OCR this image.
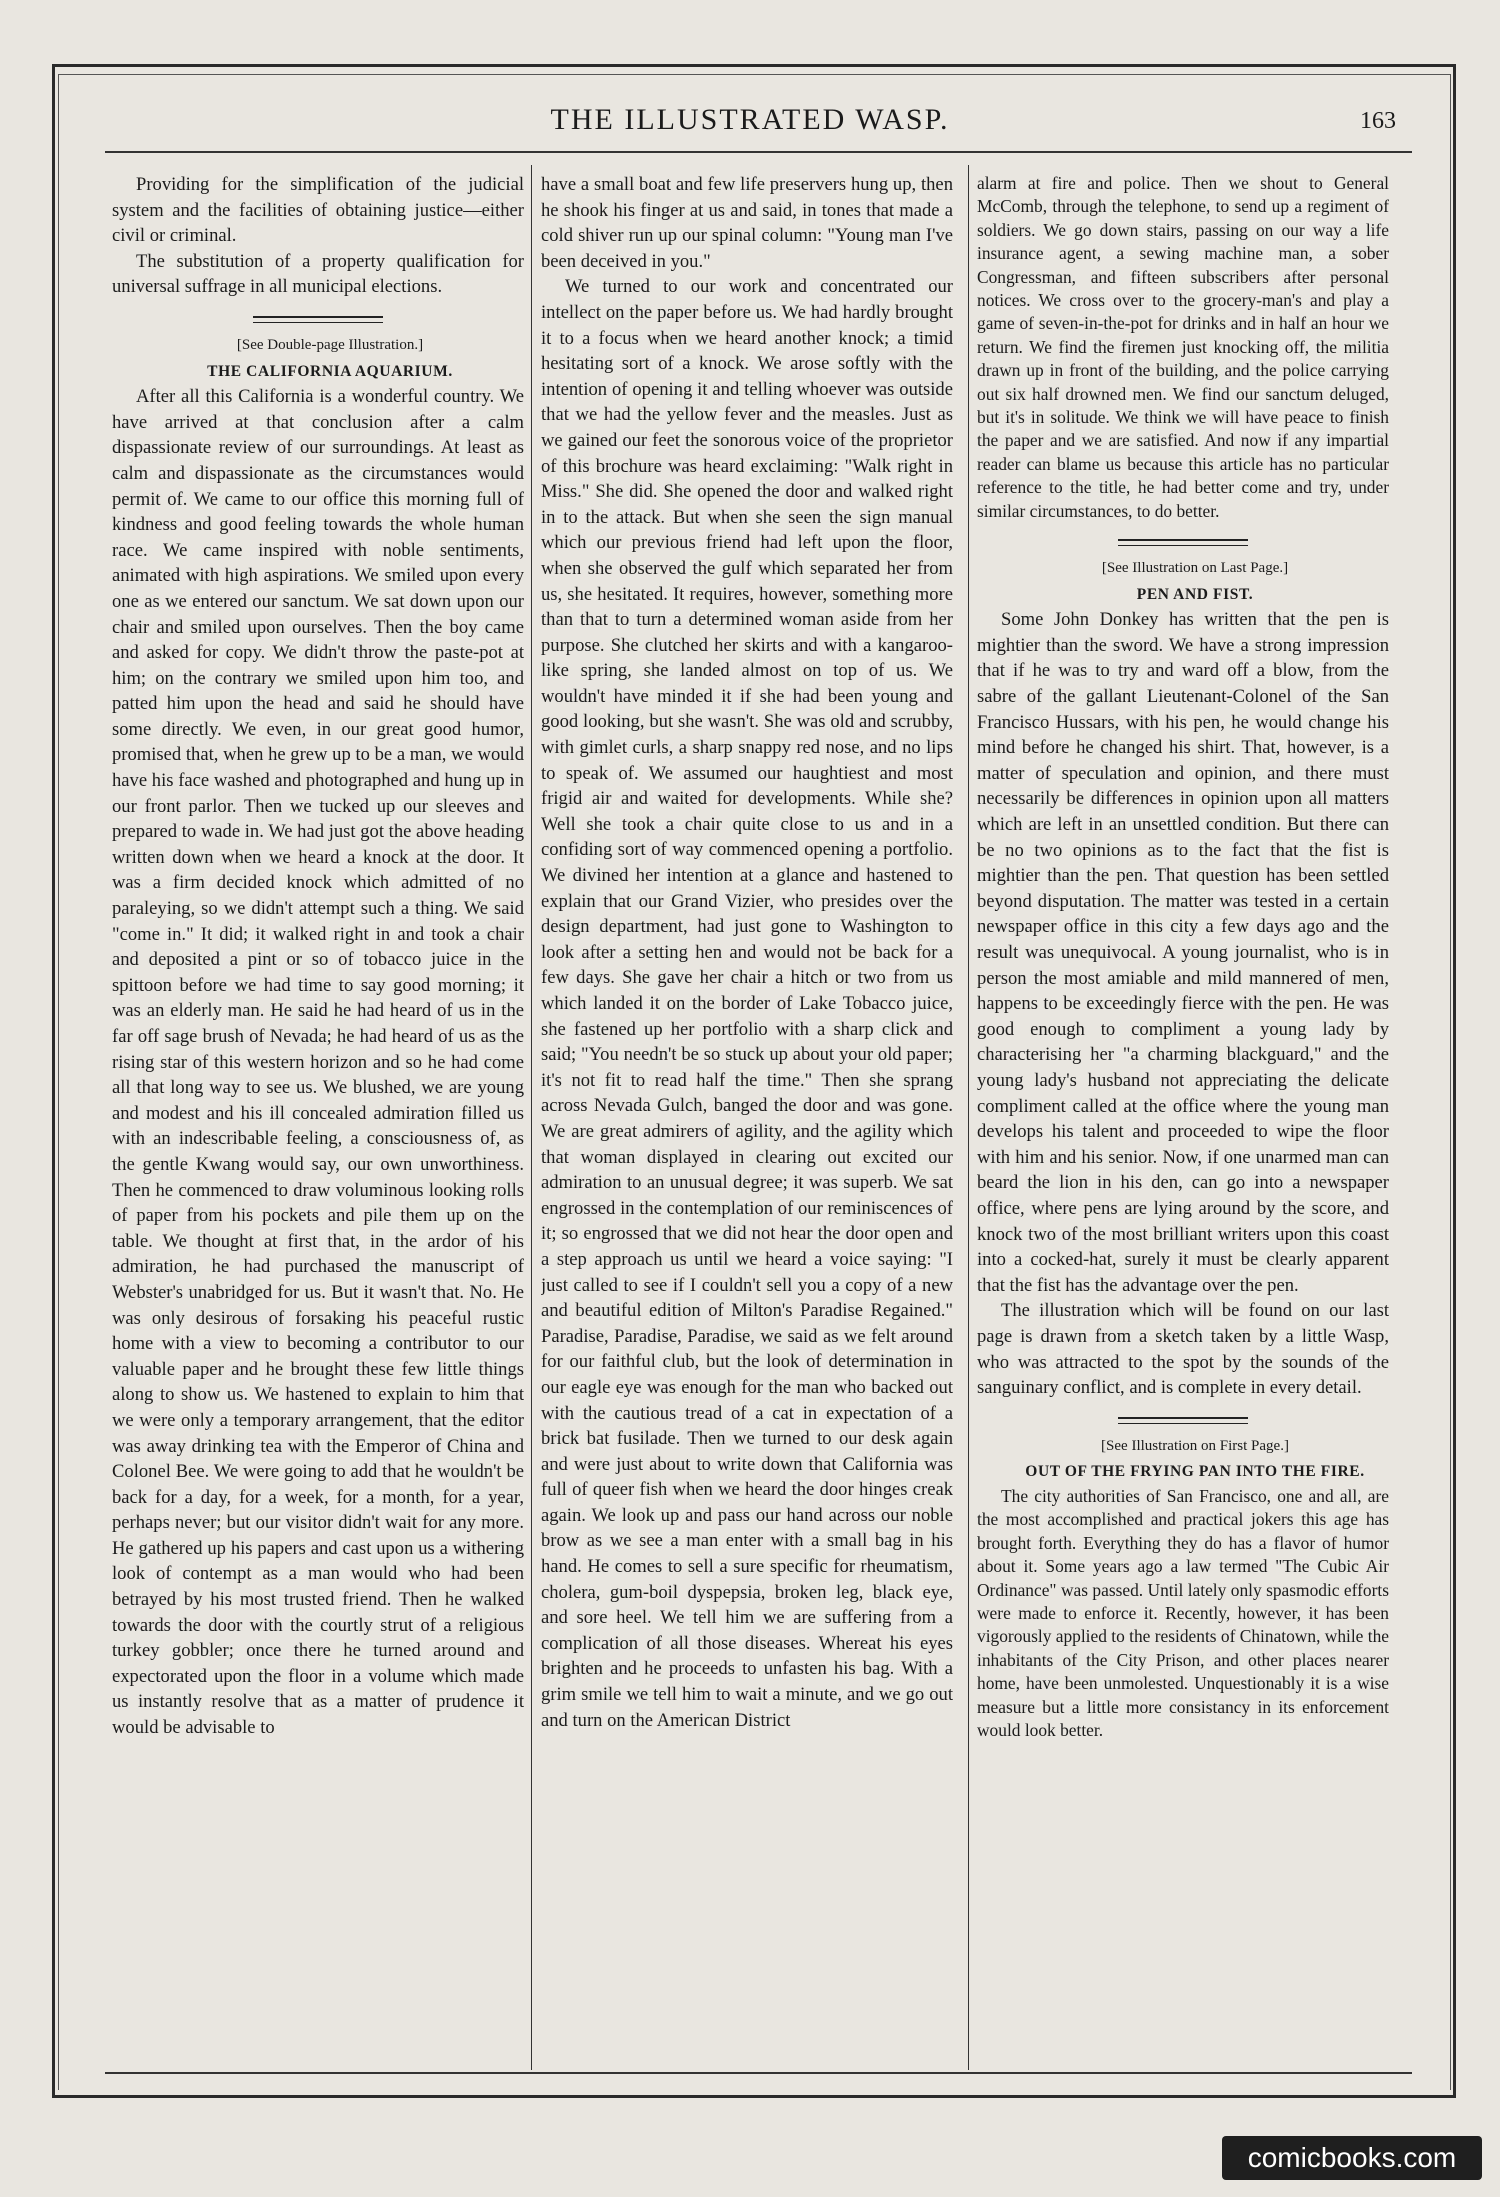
THE ILLUSTRATED WASP.	163

Providing for the simplification of the judicial system and the facilities of obtaining justice—either civil or criminal.

The substitution of a property qualification for universal suffrage in all municipal elections.

[See Double-page Illustration.]

THE CALIFORNIA AQUARIUM.

After all this California is a wonderful country. We have arrived at that conclusion after a calm dispassionate review of our surroundings. At least as calm and dispassionate as the circumstances would permit of. We came to our office this morning full of kindness and good feeling towards the whole human race. We came inspired with noble sentiments, animated with high aspirations. We smiled upon every one as we entered our sanctum. We sat down upon our chair and smiled upon ourselves. Then the boy came and asked for copy. We didn't throw the paste-pot at him; on the contrary we smiled upon him too, and patted him upon the head and said he should have some directly. We even, in our great good humor, promised that, when he grew up to be a man, we would have his face washed and photographed and hung up in our front parlor. Then we tucked up our sleeves and prepared to wade in. We had just got the above heading written down when we heard a knock at the door. It was a firm decided knock which admitted of no paraleying, so we didn't attempt such a thing. We said "come in." It did; it walked right in and took a chair and deposited a pint or so of tobacco juice in the spittoon before we had time to say good morning; it was an elderly man. He said he had heard of us in the far off sage brush of Nevada; he had heard of us as the rising star of this western horizon and so he had come all that long way to see us. We blushed, we are young and modest and his ill concealed admiration filled us with an indescribable feeling, a consciousness of, as the gentle Kwang would say, our own unworthiness. Then he commenced to draw voluminous looking rolls of paper from his pockets and pile them up on the table. We thought at first that, in the ardor of his admiration, he had purchased the manuscript of Webster's unabridged for us. But it wasn't that. No. He was only desirous of forsaking his peaceful rustic home with a view to becoming a contributor to our valuable paper and he brought these few little things along to show us. We hastened to explain to him that we were only a temporary arrangement, that the editor was away drinking tea with the Emperor of China and Colonel Bee. We were going to add that he wouldn't be back for a day, for a week, for a month, for a year, perhaps never; but our visitor didn't wait for any more. He gathered up his papers and cast upon us a withering look of contempt as a man would who had been betrayed by his most trusted friend. Then he walked towards the door with the courtly strut of a religious turkey gobbler; once there he turned around and expectorated upon the floor in a volume which made us instantly resolve that as a matter of prudence it would be advisable to

have a small boat and few life preservers hung up, then he shook his finger at us and said, in tones that made a cold shiver run up our spinal column: "Young man I've been deceived in you."

We turned to our work and concentrated our intellect on the paper before us. We had hardly brought it to a focus when we heard another knock; a timid hesitating sort of a knock. We arose softly with the intention of opening it and telling whoever was outside that we had the yellow fever and the measles. Just as we gained our feet the sonorous voice of the proprietor of this brochure was heard exclaiming: "Walk right in Miss." She did. She opened the door and walked right in to the attack. But when she seen the sign manual which our previous friend had left upon the floor, when she observed the gulf which separated her from us, she hesitated. It requires, however, something more than that to turn a determined woman aside from her purpose. She clutched her skirts and with a kangaroo-like spring, she landed almost on top of us. We wouldn't have minded it if she had been young and good looking, but she wasn't. She was old and scrubby, with gimlet curls, a sharp snappy red nose, and no lips to speak of. We assumed our haughtiest and most frigid air and waited for developments. While she? Well she took a chair quite close to us and in a confiding sort of way commenced opening a portfolio. We divined her intention at a glance and hastened to explain that our Grand Vizier, who presides over the design department, had just gone to Washington to look after a setting hen and would not be back for a few days. She gave her chair a hitch or two from us which landed it on the border of Lake Tobacco juice, she fastened up her portfolio with a sharp click and said; "You needn't be so stuck up about your old paper; it's not fit to read half the time." Then she sprang across Nevada Gulch, banged the door and was gone. We are great admirers of agility, and the agility which that woman displayed in clearing out excited our admiration to an unusual degree; it was superb. We sat engrossed in the contemplation of our reminiscences of it; so engrossed that we did not hear the door open and a step approach us until we heard a voice saying: "I just called to see if I couldn't sell you a copy of a new and beautiful edition of Milton's Paradise Regained." Paradise, Paradise, Paradise, we said as we felt around for our faithful club, but the look of determination in our eagle eye was enough for the man who backed out with the cautious tread of a cat in expectation of a brick bat fusilade. Then we turned to our desk again and were just about to write down that California was full of queer fish when we heard the door hinges creak again. We look up and pass our hand across our noble brow as we see a man enter with a small bag in his hand. He comes to sell a sure specific for rheumatism, cholera, gum-boil dyspepsia, broken leg, black eye, and sore heel. We tell him we are suffering from a complication of all those diseases. Whereat his eyes brighten and he proceeds to unfasten his bag. With a grim smile we tell him to wait a minute, and we go out and turn on the American District

alarm at fire and police. Then we shout to General McComb, through the telephone, to send up a regiment of soldiers. We go down stairs, passing on our way a life insurance agent, a sewing machine man, a sober Congressman, and fifteen subscribers after personal notices. We cross over to the grocery-man's and play a game of seven-in-the-pot for drinks and in half an hour we return. We find the firemen just knocking off, the militia drawn up in front of the building, and the police carrying out six half drowned men. We find our sanctum deluged, but it's in solitude. We think we will have peace to finish the paper and we are satisfied. And now if any impartial reader can blame us because this article has no particular reference to the title, he had better come and try, under similar circumstances, to do better.

[See Illustration on Last Page.]

PEN AND FIST.

Some John Donkey has written that the pen is mightier than the sword. We have a strong impression that if he was to try and ward off a blow, from the sabre of the gallant Lieutenant-Colonel of the San Francisco Hussars, with his pen, he would change his mind before he changed his shirt. That, however, is a matter of speculation and opinion, and there must necessarily be differences in opinion upon all matters which are left in an unsettled condition. But there can be no two opinions as to the fact that the fist is mightier than the pen. That question has been settled beyond disputation. The matter was tested in a certain newspaper office in this city a few days ago and the result was unequivocal. A young journalist, who is in person the most amiable and mild mannered of men, happens to be exceedingly fierce with the pen. He was good enough to compliment a young lady by characterising her "a charming blackguard," and the young lady's husband not appreciating the delicate compliment called at the office where the young man develops his talent and proceeded to wipe the floor with him and his senior. Now, if one unarmed man can beard the lion in his den, can go into a newspaper office, where pens are lying around by the score, and knock two of the most brilliant writers upon this coast into a cocked-hat, surely it must be clearly apparent that the fist has the advantage over the pen.

The illustration which will be found on our last page is drawn from a sketch taken by a little Wasp, who was attracted to the spot by the sounds of the sanguinary conflict, and is complete in every detail.

[See Illustration on First Page.]

OUT OF THE FRYING PAN INTO THE FIRE.

The city authorities of San Francisco, one and all, are the most accomplished and practical jokers this age has brought forth. Everything they do has a flavor of humor about it. Some years ago a law termed "The Cubic Air Ordinance" was passed. Until lately only spasmodic efforts were made to enforce it. Recently, however, it has been vigorously applied to the residents of Chinatown, while the inhabitants of the City Prison, and other places nearer home, have been unmolested. Unquestionably it is a wise measure but a little more consistancy in its enforcement would look better.

comicbooks.com
